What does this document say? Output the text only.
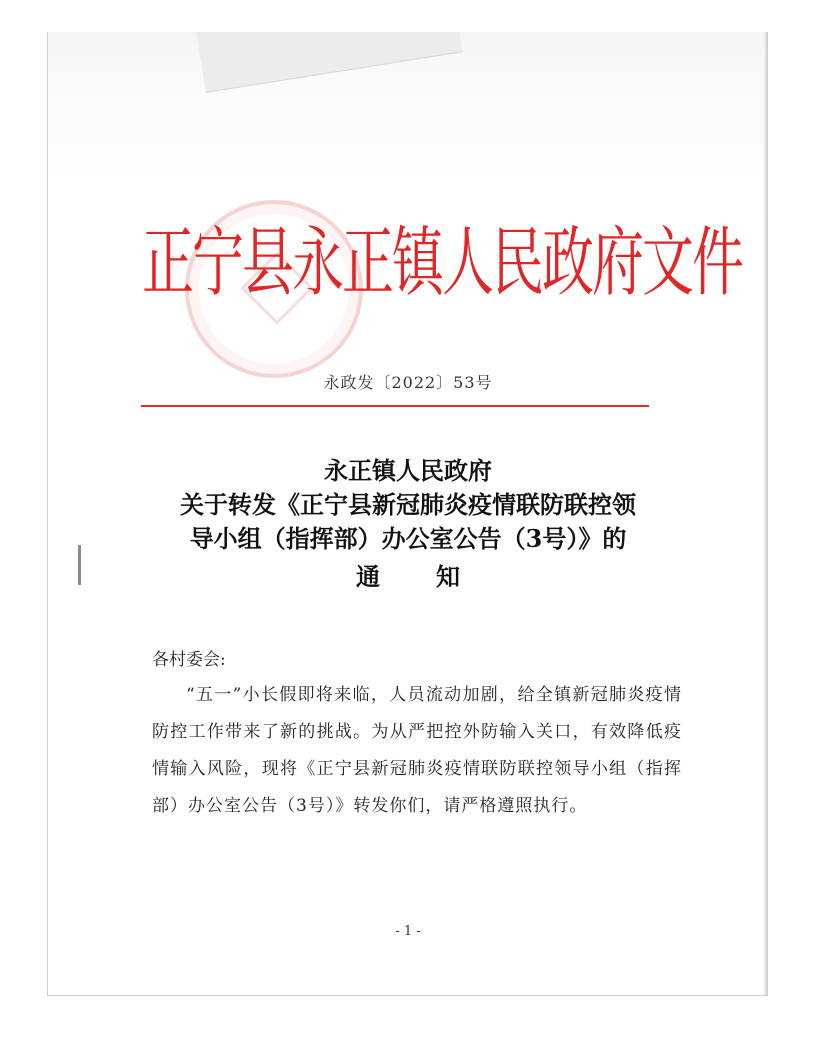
正宁县永正镇人民政府文件
永政发〔2022〕53号
永正镇人民政府
关于转发《正宁县新冠肺炎疫情联防联控领
导小组（指挥部）办公室公告（3号）》的
通知
各村委会:
“五一”小长假即将来临，人员流动加剧，给全镇新冠肺炎疫情防控工作带来了新的挑战。为从严把控外防输入关口，有效降低疫情输入风险，现将《正宁县新冠肺炎疫情联防联控领导小组（指挥部）办公室公告（3号）》转发你们，请严格遵照执行。
- 1 -
